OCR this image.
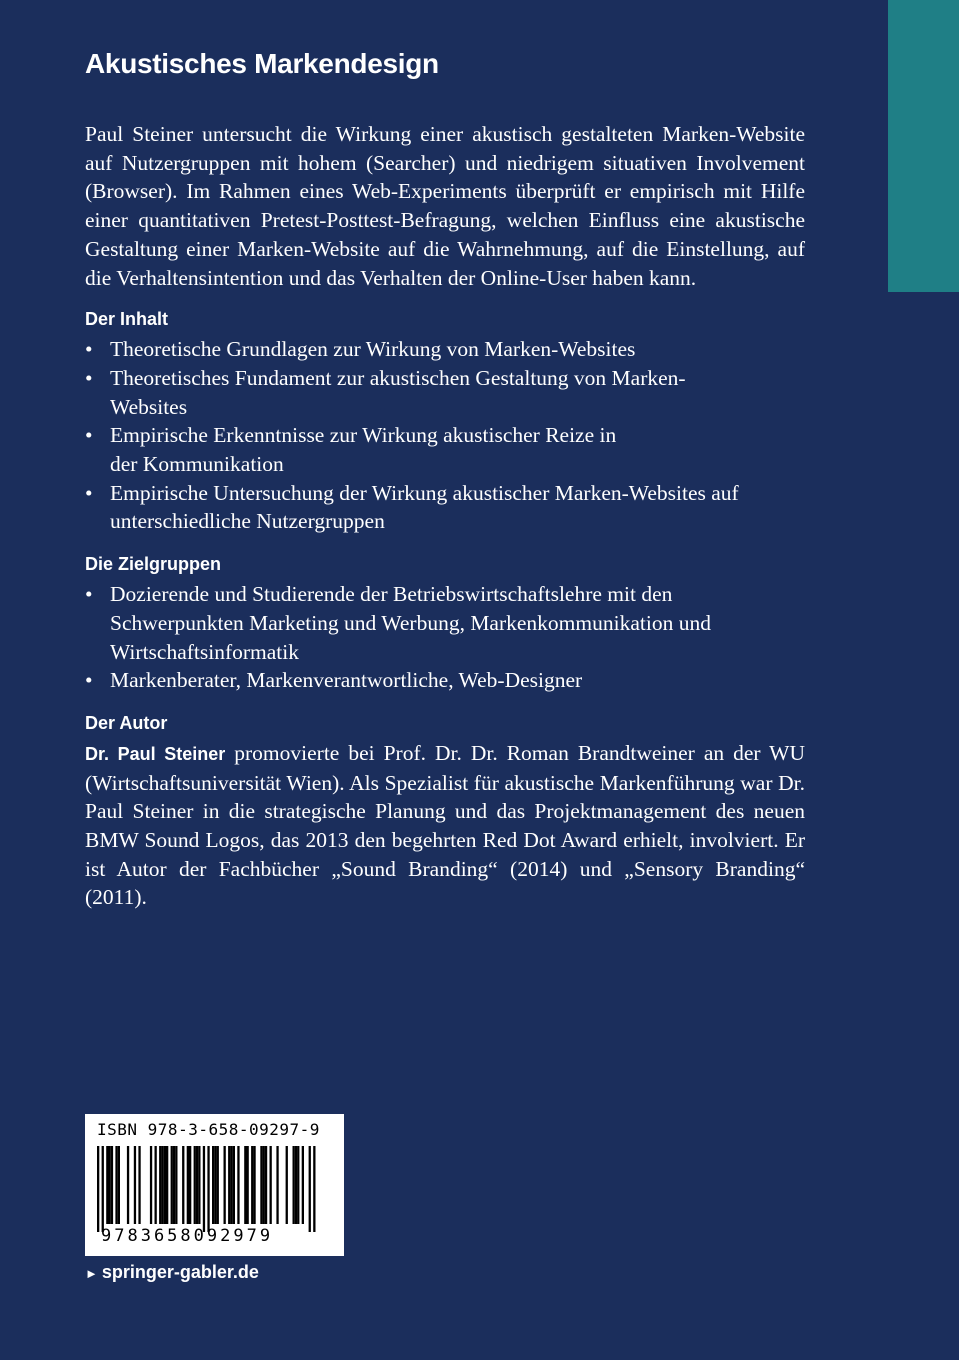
Akustisches Markendesign

Paul Steiner untersucht die Wirkung einer akustisch gestalteten Marken-Website auf Nutzergruppen mit hohem (Searcher) und niedrigem situativen Involvement (Browser). Im Rahmen eines Web-Experiments überprüft er empirisch mit Hilfe einer quantitativen Pretest-Posttest-Befragung, welchen Einfluss eine akustische Gestaltung einer Marken-Website auf die Wahrnehmung, auf die Einstellung, auf die Verhaltensintention und das Verhalten der Online-User haben kann.

Der Inhalt
• Theoretische Grundlagen zur Wirkung von Marken-Websites
• Theoretisches Fundament zur akustischen Gestaltung von Marken-Websites
• Empirische Erkenntnisse zur Wirkung akustischer Reize in der Kommunikation
• Empirische Untersuchung der Wirkung akustischer Marken-Websites auf unterschiedliche Nutzergruppen
Die Zielgruppen
• Dozierende und Studierende der Betriebswirtschaftslehre mit den Schwerpunkten Marketing und Werbung, Markenkommunikation und Wirtschaftsinformatik
• Markenberater, Markenverantwortliche, Web-Designer
Der Autor

Dr. Paul Steiner promovierte bei Prof. Dr. Dr. Roman Brandtweiner an der WU (Wirtschaftsuniversität Wien). Als Spezialist für akustische Markenführung war Dr. Paul Steiner in die strategische Planung und das Projektmanagement des neuen BMW Sound Logos, das 2013 den begehrten Red Dot Award erhielt, involviert. Er ist Autor der Fachbücher „Sound Branding“ (2014) und „Sensory Branding“ (2011).

ISBN 978-3-658-09297-9
9783658092979
► springer-gabler.de
